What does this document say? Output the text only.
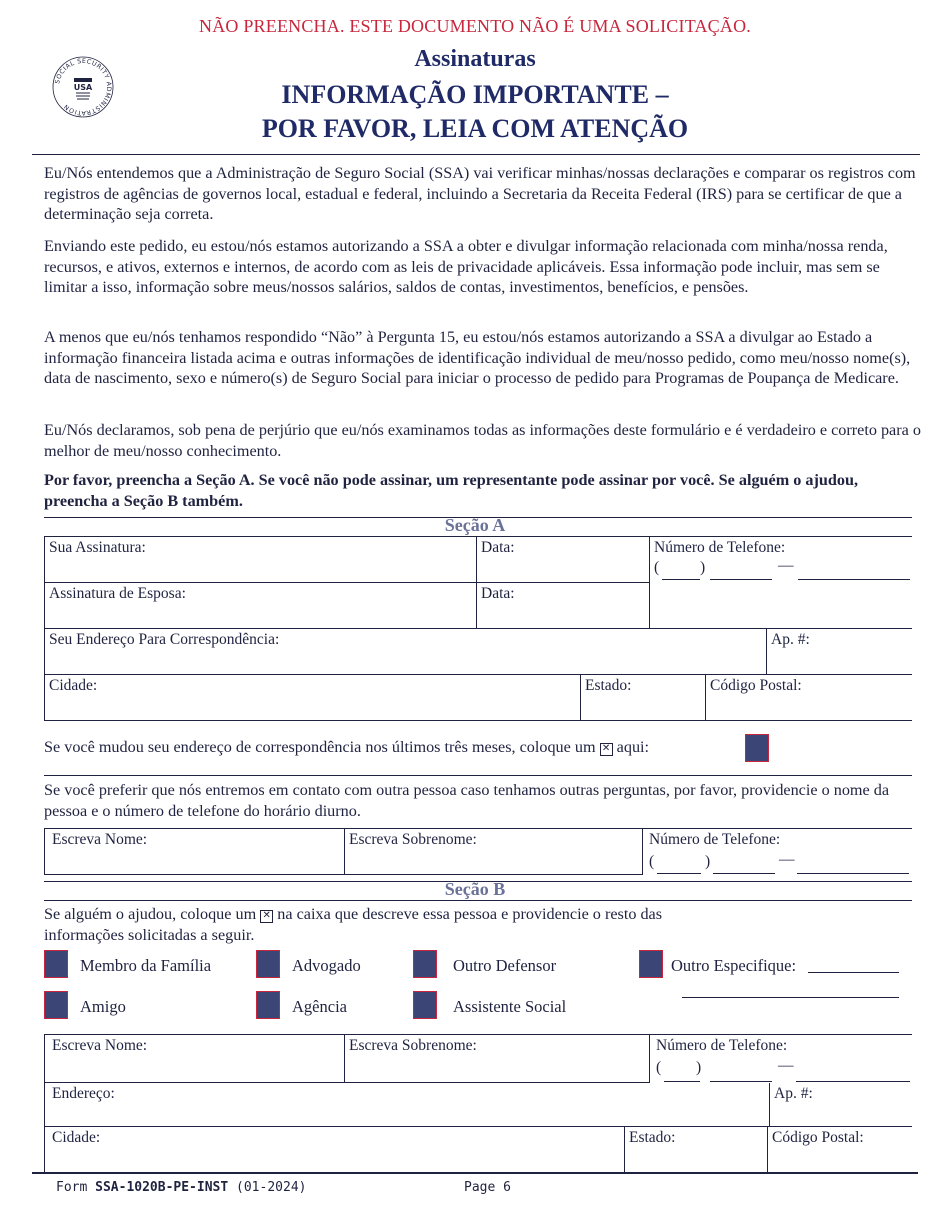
NÃO PREENCHA. ESTE DOCUMENTO NÃO É UMA SOLICITAÇÃO.
SOCIAL SECURITY ADMINISTRATION
USA
Assinaturas
INFORMAÇÃO IMPORTANTE –
POR FAVOR, LEIA COM ATENÇÃO
Eu/Nós entendemos que a Administração de Seguro Social (SSA) vai verificar minhas/nossas declarações e comparar os registros com registros de agências de governos local, estadual e federal, incluindo a Secretaria da Receita Federal (IRS) para se certificar de que a determinação seja correta.
Enviando este pedido, eu estou/nós estamos autorizando a SSA a obter e divulgar informação relacionada com minha/nossa renda, recursos, e ativos, externos e internos, de acordo com as leis de privacidade aplicáveis. Essa informação pode incluir, mas sem se limitar a isso, informação sobre meus/nossos salários, saldos de contas, investimentos, benefícios, e pensões.
A menos que eu/nós tenhamos respondido “Não” à Pergunta 15, eu estou/nós estamos autorizando a SSA a divulgar ao Estado a informação financeira listada acima e outras informações de identificação individual de meu/nosso pedido, como meu/nosso nome(s), data de nascimento, sexo e número(s) de Seguro Social para iniciar o processo de pedido para Programas de Poupança de Medicare.
Eu/Nós declaramos, sob pena de perjúrio que eu/nós examinamos todas as informações deste formulário e é verdadeiro e correto para o melhor de meu/nosso conhecimento.
Por favor, preencha a Seção A. Se você não pode assinar, um representante pode assinar por você. Se alguém o ajudou, preencha a Seção B também.
Seção A
Sua Assinatura:	Data:	Número de Telefone:
(	)	—
Assinatura de Esposa:	Data:
Seu Endereço Para Correspondência:	Ap. #:
Cidade:	Estado:	Código Postal:
Se você mudou seu endereço de correspondência nos últimos três meses, coloque um ✕ aqui:
Se você preferir que nós entremos em contato com outra pessoa caso tenhamos outras perguntas, por favor, providencie o nome da pessoa e o número de telefone do horário diurno.
Escreva Nome:	Escreva Sobrenome:	Número de Telefone:
(	)	—
Seção B
Se alguém o ajudou, coloque um ✕ na caixa que descreve essa pessoa e providencie o resto das
informações solicitadas a seguir.
Membro da Família	Advogado	Outro Defensor	Outro Especifique:
Amigo	Agência	Assistente Social
Escreva Nome:	Escreva Sobrenome:	Número de Telefone:
( )	—
Endereço:	Ap. #:
Cidade:	Estado:	Código Postal:
Form SSA-1020B-PE-INST (01-2024)	Page 6
